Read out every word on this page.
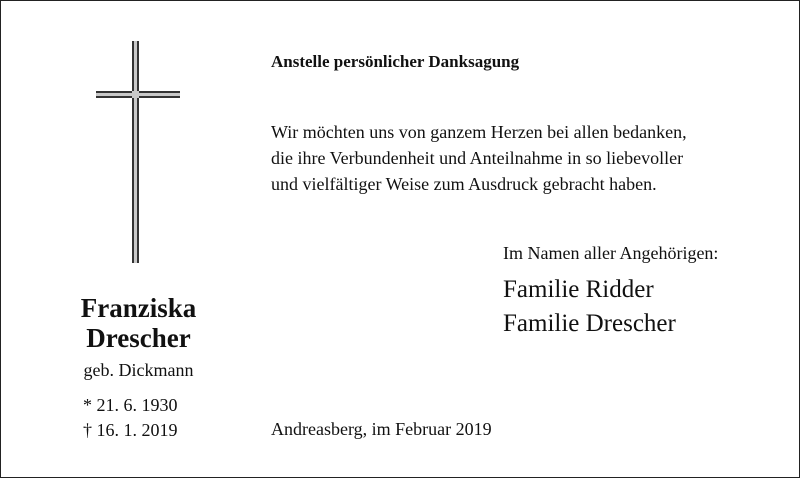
Franziska
Drescher
geb. Dickmann
* 21. 6. 1930
† 16. 1. 2019
Anstelle persönlicher Danksagung
Wir möchten uns von ganzem Herzen bei allen bedanken,
die ihre Verbundenheit und Anteilnahme in so liebevoller
und vielfältiger Weise zum Ausdruck gebracht haben.
Im Namen aller Angehörigen:
Familie Ridder
Familie Drescher
Andreasberg, im Februar 2019
